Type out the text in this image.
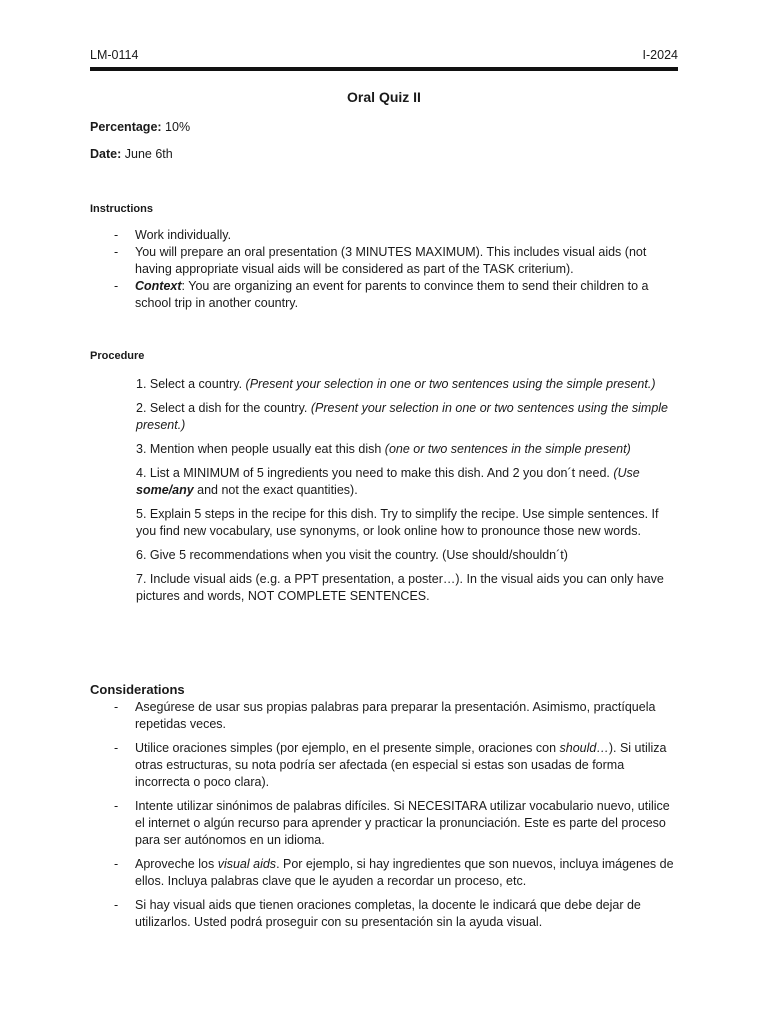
LM-0114	I-2024
Oral Quiz II
Percentage: 10%
Date: June 6th
Instructions
- Work individually.
- You will prepare an oral presentation (3 MINUTES MAXIMUM). This includes visual aids (not having appropriate visual aids will be considered as part of the TASK criterium).
- Context: You are organizing an event for parents to convince them to send their children to a school trip in another country.
Procedure
1. Select a country. (Present your selection in one or two sentences using the simple present.)
2. Select a dish for the country. (Present your selection in one or two sentences using the simple present.)
3. Mention when people usually eat this dish (one or two sentences in the simple present)
4. List a MINIMUM of 5 ingredients you need to make this dish. And 2 you don´t need. (Use some/any and not the exact quantities).
5. Explain 5 steps in the recipe for this dish. Try to simplify the recipe. Use simple sentences. If you find new vocabulary, use synonyms, or look online how to pronounce those new words.
6. Give 5 recommendations when you visit the country. (Use should/shouldn´t)
7. Include visual aids (e.g. a PPT presentation, a poster…). In the visual aids you can only have pictures and words, NOT COMPLETE SENTENCES.
Considerations
- Asegúrese de usar sus propias palabras para preparar la presentación. Asimismo, practíquela repetidas veces.
- Utilice oraciones simples (por ejemplo, en el presente simple, oraciones con should…). Si utiliza otras estructuras, su nota podría ser afectada (en especial si estas son usadas de forma incorrecta o poco clara).
- Intente utilizar sinónimos de palabras difíciles. Si NECESITARA utilizar vocabulario nuevo, utilice el internet o algún recurso para aprender y practicar la pronunciación. Este es parte del proceso para ser autónomos en un idioma.
- Aproveche los visual aids. Por ejemplo, si hay ingredientes que son nuevos, incluya imágenes de ellos. Incluya palabras clave que le ayuden a recordar un proceso, etc.
- Si hay visual aids que tienen oraciones completas, la docente le indicará que debe dejar de utilizarlos. Usted podrá proseguir con su presentación sin la ayuda visual.
